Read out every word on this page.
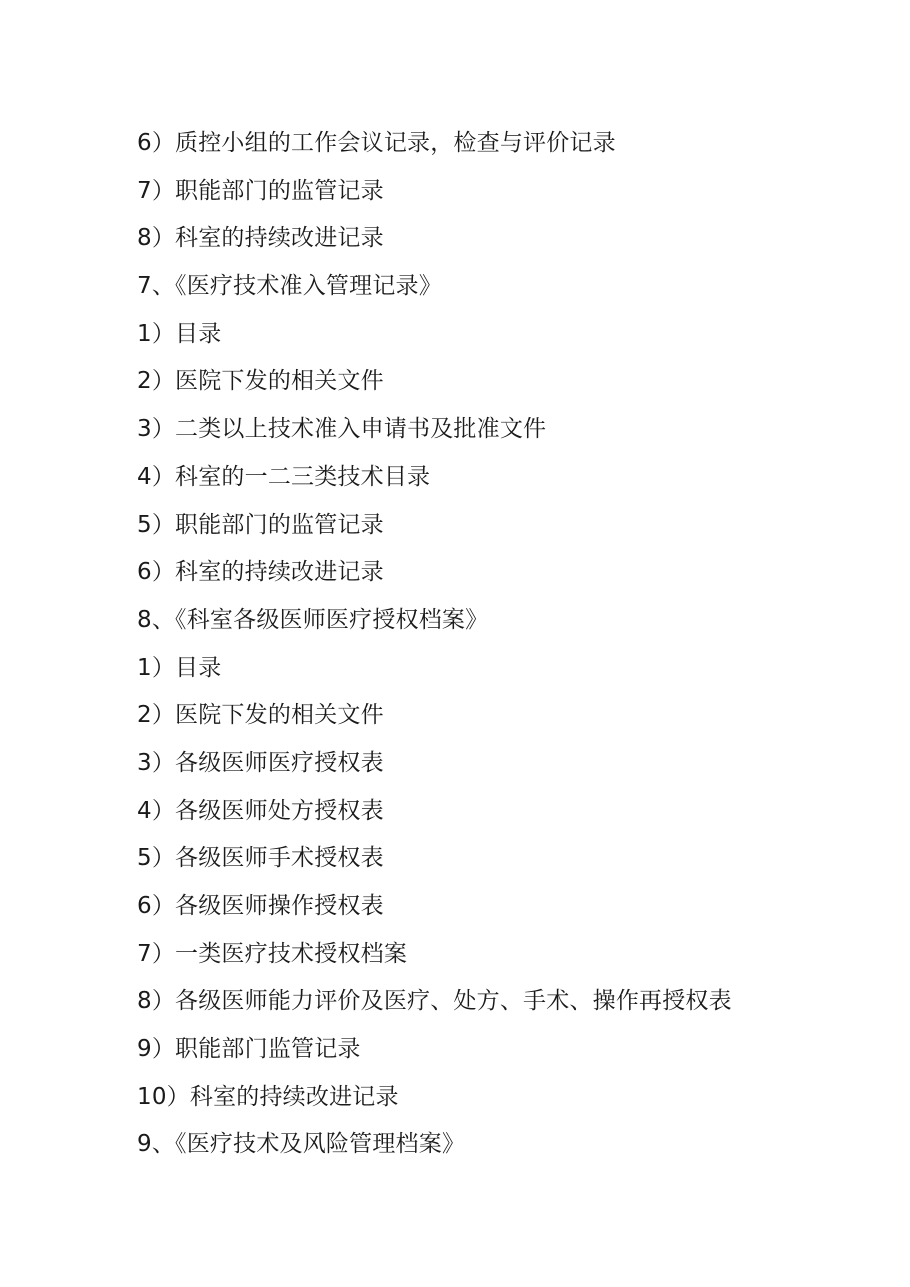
6）质控小组的工作会议记录，检查与评价记录
7）职能部门的监管记录
8）科室的持续改进记录
7、《医疗技术准入管理记录》
1）目录
2）医院下发的相关文件
3）二类以上技术准入申请书及批准文件
4）科室的一二三类技术目录
5）职能部门的监管记录
6）科室的持续改进记录
8、《科室各级医师医疗授权档案》
1）目录
2）医院下发的相关文件
3）各级医师医疗授权表
4）各级医师处方授权表
5）各级医师手术授权表
6）各级医师操作授权表
7）一类医疗技术授权档案
8）各级医师能力评价及医疗、处方、手术、操作再授权表
9）职能部门监管记录
10）科室的持续改进记录
9、《医疗技术及风险管理档案》
